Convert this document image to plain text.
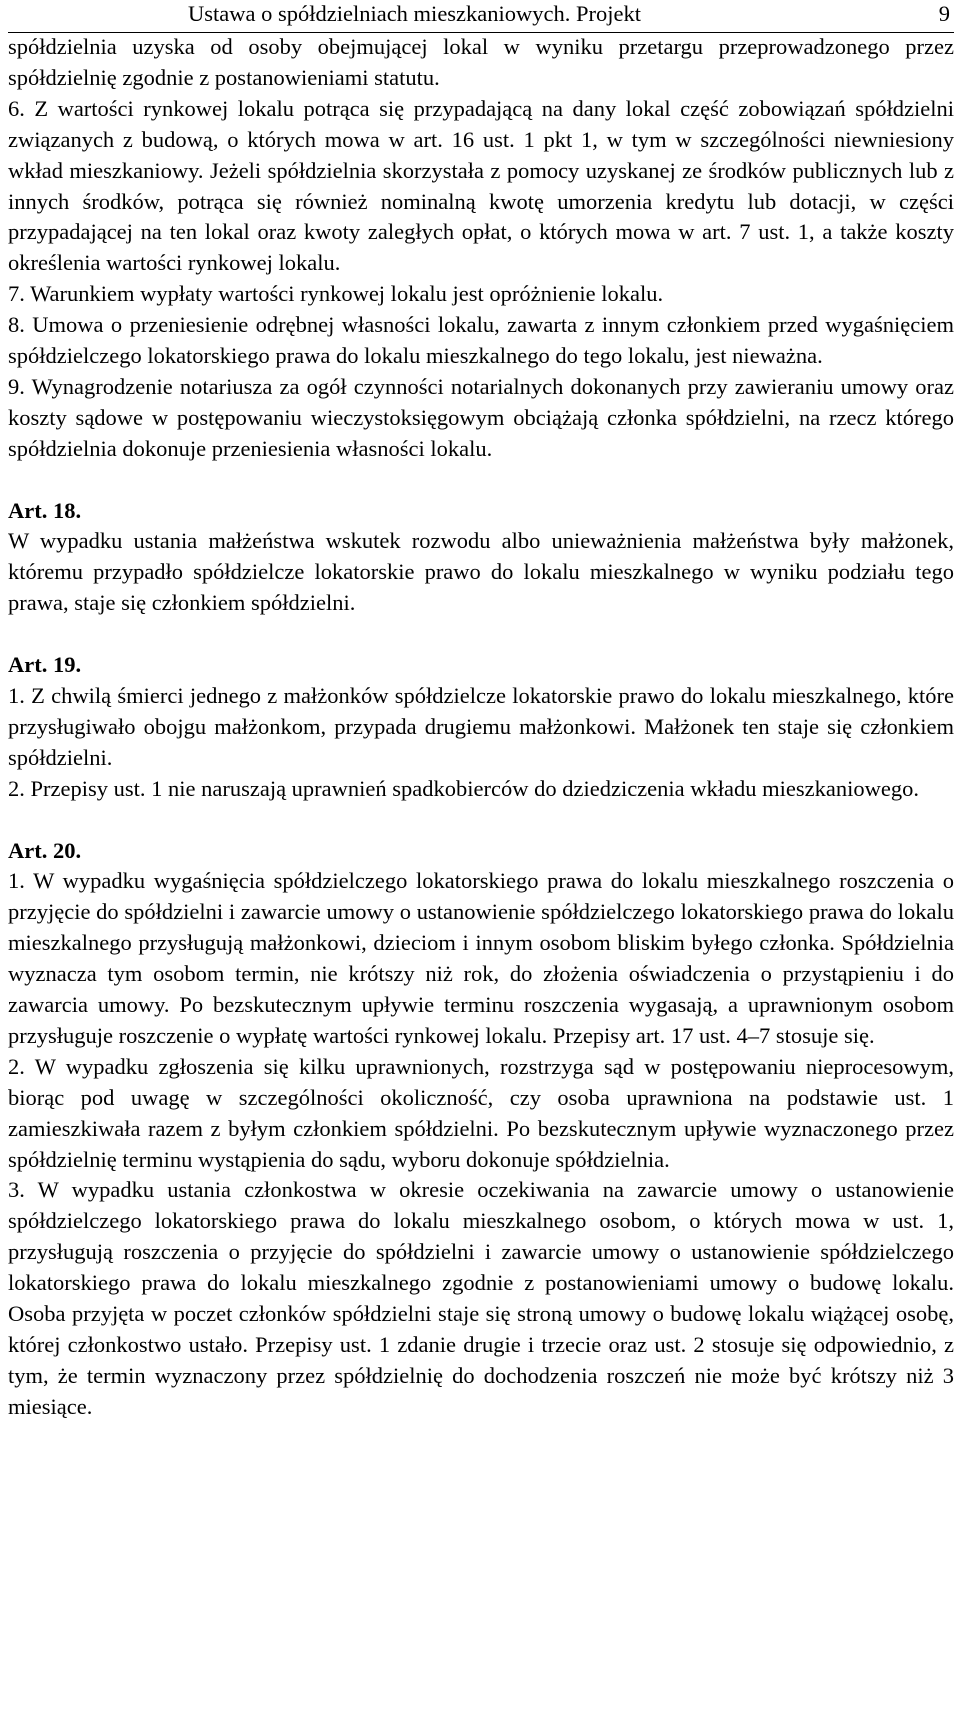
Ustawa o spółdzielniach mieszkaniowych. Projekt	9

spółdzielnia uzyska od osoby obejmującej lokal w wyniku przetargu przeprowadzonego przez spółdzielnię zgodnie z postanowieniami statutu.

6. Z wartości rynkowej lokalu potrąca się przypadającą na dany lokal część zobowiązań spółdzielni związanych z budową, o których mowa w art. 16 ust. 1 pkt 1, w tym w szczególności niewniesiony wkład mieszkaniowy. Jeżeli spółdzielnia skorzystała z pomocy uzyskanej ze środków publicznych lub z innych środków, potrąca się również nominalną kwotę umorzenia kredytu lub dotacji, w części przypadającej na ten lokal oraz kwoty zaległych opłat, o których mowa w art. 7 ust. 1, a także koszty określenia wartości rynkowej lokalu.

7. Warunkiem wypłaty wartości rynkowej lokalu jest opróżnienie lokalu.

8. Umowa o przeniesienie odrębnej własności lokalu, zawarta z innym członkiem przed wygaśnięciem spółdzielczego lokatorskiego prawa do lokalu mieszkalnego do tego lokalu, jest nieważna.

9. Wynagrodzenie notariusza za ogół czynności notarialnych dokonanych przy zawieraniu umowy oraz koszty sądowe w postępowaniu wieczystoksięgowym obciążają członka spółdzielni, na rzecz którego spółdzielnia dokonuje przeniesienia własności lokalu.

Art. 18.

W wypadku ustania małżeństwa wskutek rozwodu albo unieważnienia małżeństwa były małżonek, któremu przypadło spółdzielcze lokatorskie prawo do lokalu mieszkalnego w wyniku podziału tego prawa, staje się członkiem spółdzielni.

Art. 19.

1. Z chwilą śmierci jednego z małżonków spółdzielcze lokatorskie prawo do lokalu mieszkalnego, które przysługiwało obojgu małżonkom, przypada drugiemu małżonkowi. Małżonek ten staje się członkiem spółdzielni.

2. Przepisy ust. 1 nie naruszają uprawnień spadkobierców do dziedziczenia wkładu mieszkaniowego.

Art. 20.

1. W wypadku wygaśnięcia spółdzielczego lokatorskiego prawa do lokalu mieszkalnego roszczenia o przyjęcie do spółdzielni i zawarcie umowy o ustanowienie spółdzielczego lokatorskiego prawa do lokalu mieszkalnego przysługują małżonkowi, dzieciom i innym osobom bliskim byłego członka. Spółdzielnia wyznacza tym osobom termin, nie krótszy niż rok, do złożenia oświadczenia o przystąpieniu i do zawarcia umowy. Po bezskutecznym upływie terminu roszczenia wygasają, a uprawnionym osobom przysługuje roszczenie o wypłatę wartości rynkowej lokalu. Przepisy art. 17 ust. 4–7 stosuje się.

2. W wypadku zgłoszenia się kilku uprawnionych, rozstrzyga sąd w postępowaniu nieprocesowym, biorąc pod uwagę w szczególności okoliczność, czy osoba uprawniona na podstawie ust. 1 zamieszkiwała razem z byłym członkiem spółdzielni. Po bezskutecznym upływie wyznaczonego przez spółdzielnię terminu wystąpienia do sądu, wyboru dokonuje spółdzielnia.

3. W wypadku ustania członkostwa w okresie oczekiwania na zawarcie umowy o ustanowienie spółdzielczego lokatorskiego prawa do lokalu mieszkalnego osobom, o których mowa w ust. 1, przysługują roszczenia o przyjęcie do spółdzielni i zawarcie umowy o ustanowienie spółdzielczego lokatorskiego prawa do lokalu mieszkalnego zgodnie z postanowieniami umowy o budowę lokalu. Osoba przyjęta w poczet członków spółdzielni staje się stroną umowy o budowę lokalu wiążącej osobę, której członkostwo ustało. Przepisy ust. 1 zdanie drugie i trzecie oraz ust. 2 stosuje się odpowiednio, z tym, że termin wyznaczony przez spółdzielnię do dochodzenia roszczeń nie może być krótszy niż 3 miesiące.
